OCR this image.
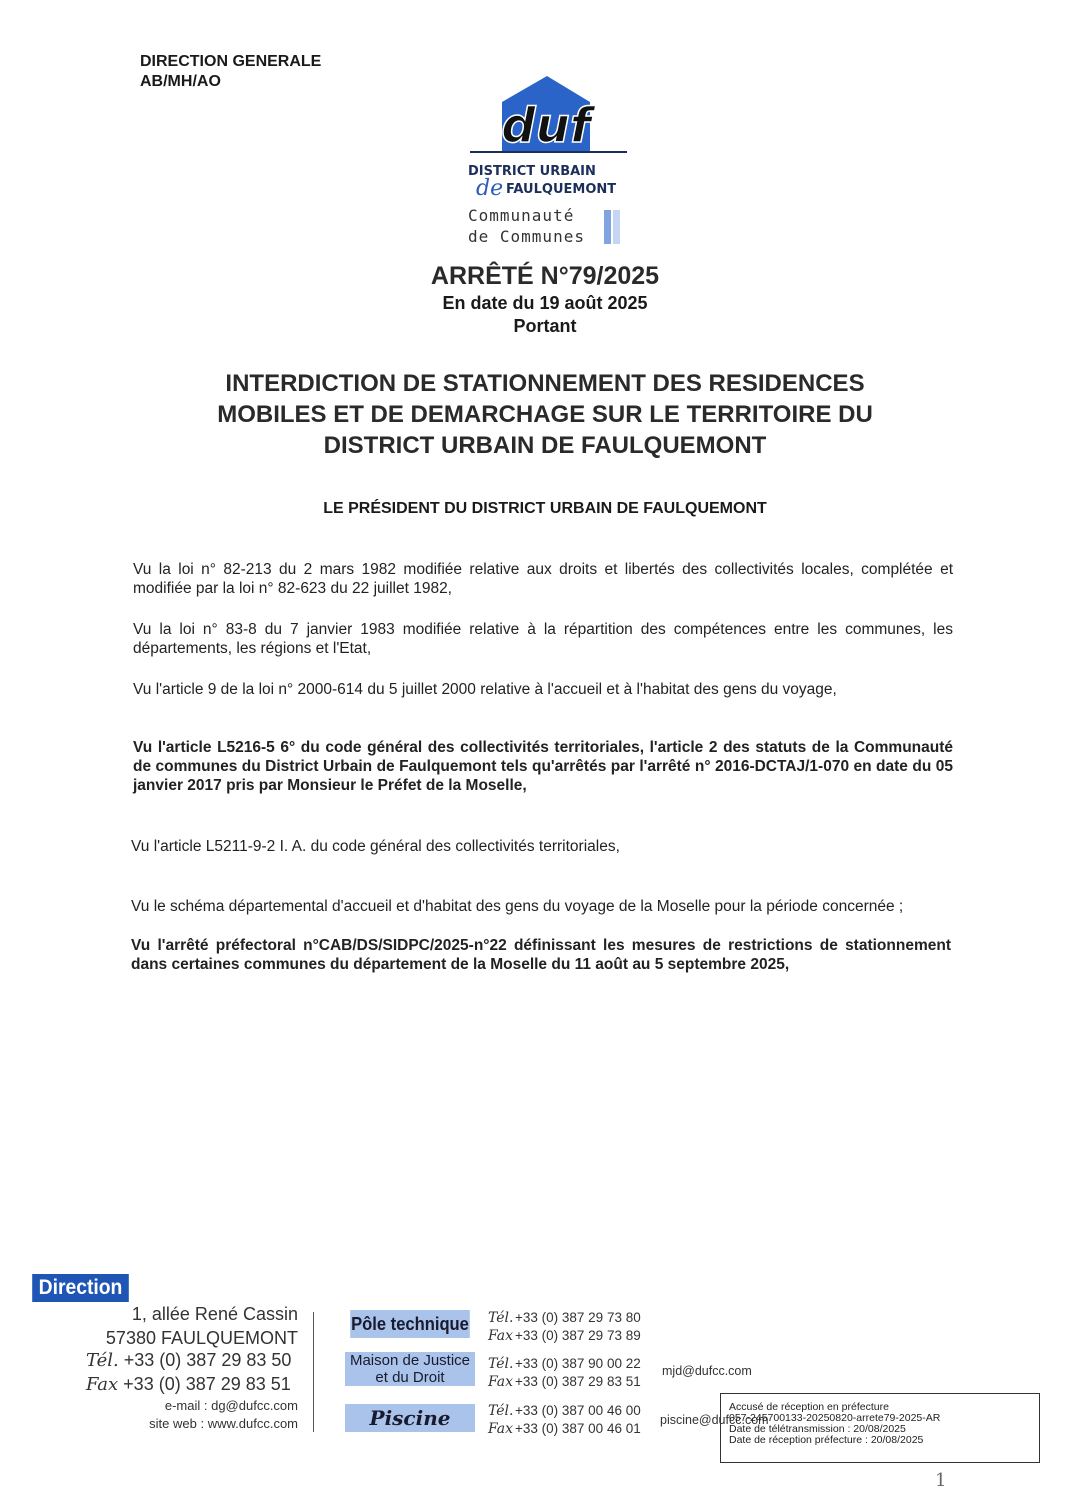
DIRECTION GENERALE
AB/MH/AO
duf
DISTRICT URBAIN
de FAULQUEMONT
Communauté
de Communes
ARRÊTÉ N°79/2025
En date du 19 août 2025
Portant
INTERDICTION DE STATIONNEMENT DES RESIDENCES
MOBILES ET DE DEMARCHAGE SUR LE TERRITOIRE DU
DISTRICT URBAIN DE FAULQUEMONT
LE PRÉSIDENT DU DISTRICT URBAIN DE FAULQUEMONT
Vu la loi n° 82-213 du 2 mars 1982 modifiée relative aux droits et libertés des collectivités locales, complétée et modifiée par la loi n° 82-623 du 22 juillet 1982,
Vu la loi n° 83-8 du 7 janvier 1983 modifiée relative à la répartition des compétences entre les communes, les départements, les régions et l'Etat,
Vu l'article 9 de la loi n° 2000-614 du 5 juillet 2000 relative à l'accueil et à l'habitat des gens du voyage,
Vu l'article L5216-5 6° du code général des collectivités territoriales, l'article 2 des statuts de la Communauté de communes du District Urbain de Faulquemont tels qu'arrêtés par l'arrêté n° 2016-DCTAJ/1-070 en date du 05 janvier 2017 pris par Monsieur le Préfet de la Moselle,
Vu l'article L5211-9-2 I. A. du code général des collectivités territoriales,
Vu le schéma départemental d'accueil et d'habitat des gens du voyage de la Moselle pour la période concernée ;
Vu l'arrêté préfectoral n°CAB/DS/SIDPC/2025-n°22 définissant les mesures de restrictions de stationnement dans certaines communes du département de la Moselle du 11 août au 5 septembre 2025,
Direction
1, allée René Cassin
57380 FAULQUEMONT
Tél. +33 (0) 387 29 83 50
Fax +33 (0) 387 29 83 51
e-mail : dg@dufcc.com
site web : www.dufcc.com
Pôle technique
Maison de Justice et du Droit
Piscine
Tél. +33 (0) 387 29 73 80
Fax +33 (0) 387 29 73 89
Tél. +33 (0) 387 90 00 22
Fax +33 (0) 387 29 83 51
mjd@dufcc.com
Tél. +33 (0) 387 00 46 00
Fax +33 (0) 387 00 46 01
piscine@dufcc.com
Accusé de réception en préfecture
057-245700133-20250820-arrete79-2025-AR
Date de télétransmission : 20/08/2025
Date de réception préfecture : 20/08/2025
1
